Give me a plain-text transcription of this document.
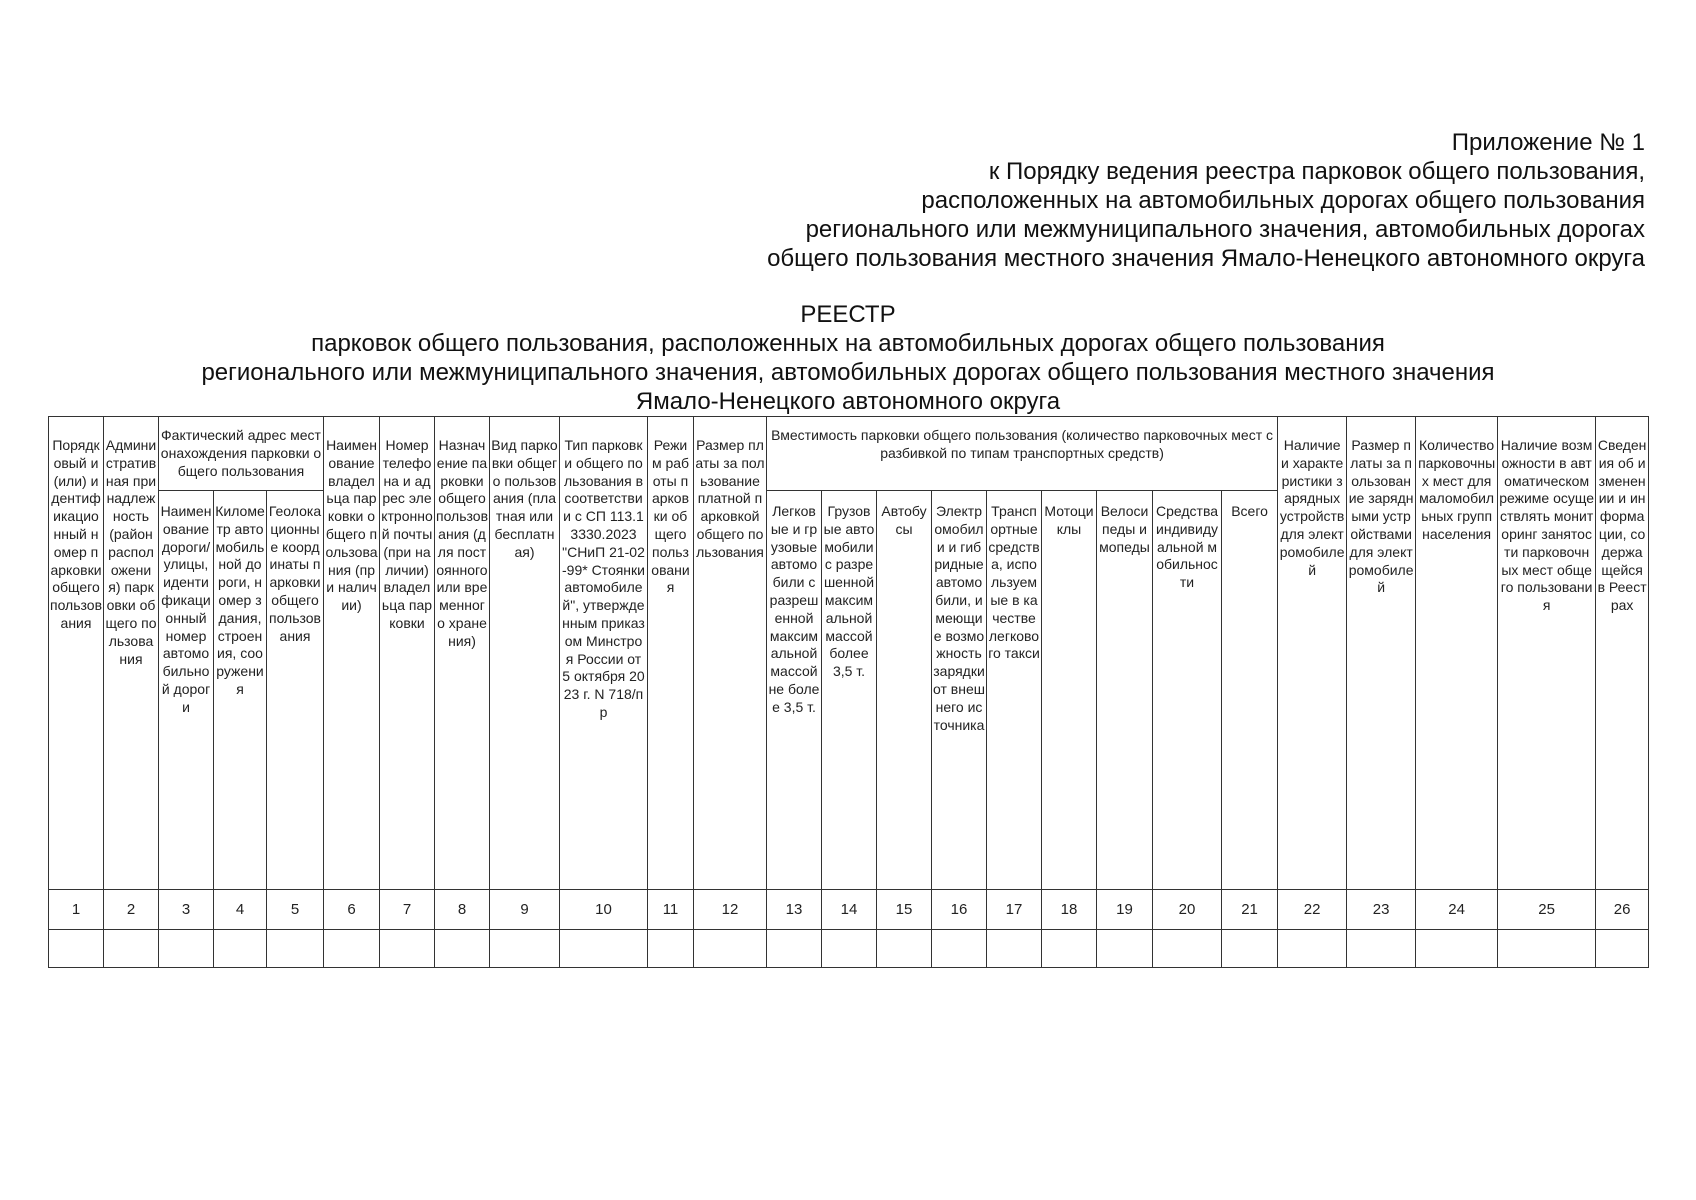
Приложение № 1
к Порядку ведения реестра парковок общего пользования,
расположенных на автомобильных дорогах общего пользования
регионального или межмуниципального значения, автомобильных дорогах
общего пользования местного значения Ямало-Ненецкого автономного округа
РЕЕСТР
парковок общего пользования, расположенных на автомобильных дорогах общего пользования
регионального или межмуниципального значения, автомобильных дорогах общего пользования местного значения
Ямало-Ненецкого автономного округа
Порядковый и (или) идентификационный номер парковки общего пользования	Административная принадлежность (район расположения) парковки общего пользования	Фактический адрес местонахождения парковки общего пользования			Наименование владельца парковки общего пользования (при наличии)	Номер телефона и адрес электронной почты (при наличии) владельца парковки	Назначение парковки общего пользования (для постоянного или временного хранения)	Вид парковки общего пользования (платная или бесплатная)	Тип парковки общего пользования в соответствии с СП 113.13330.2023 "СНиП 21-02-99* Стоянки автомобилей", утвержденным приказом Минстроя России от 5 октября 2023 г. N 718/пр	Режим работы парковки общего пользования	Размер платы за пользование платной парковкой общего пользования	Вместимость парковки общего пользования (количество парковочных мест с разбивкой по типам транспортных средств)									Наличие и характеристики зарядных устройств для электромобилей	Размер платы за пользование зарядными устройствами для электромобилей	Количество парковочных мест для маломобильных групп населения	Наличие возможности в автоматическом режиме осуществлять мониторинг занятости парковочных мест общего пользования	Сведения об изменении и информации, содержащейся в Реестрах
		Наименование дороги/улицы, идентификационный номер автомобильной дороги	Километр автомобильной дороги, номер здания, строения, сооружения	Геолокационные координаты парковки общего пользования								Легковые и грузовые автомобили с разрешенной максимальной массой не более 3,5 т.	Грузовые автомобили с разрешенной максимальной массой более 3,5 т.	Автобусы	Электромобили и гибридные автомобили, имеющие возможность зарядки от внешнего источника	Транспортные средства, используемые в качестве легкового такси	Мотоциклы	Велосипеды и мопеды	Средства индивидуальной мобильности	Всего					
1	2	3	4	5	6	7	8	9	10	11	12	13	14	15	16	17	18	19	20	21	22	23	24	25	26
